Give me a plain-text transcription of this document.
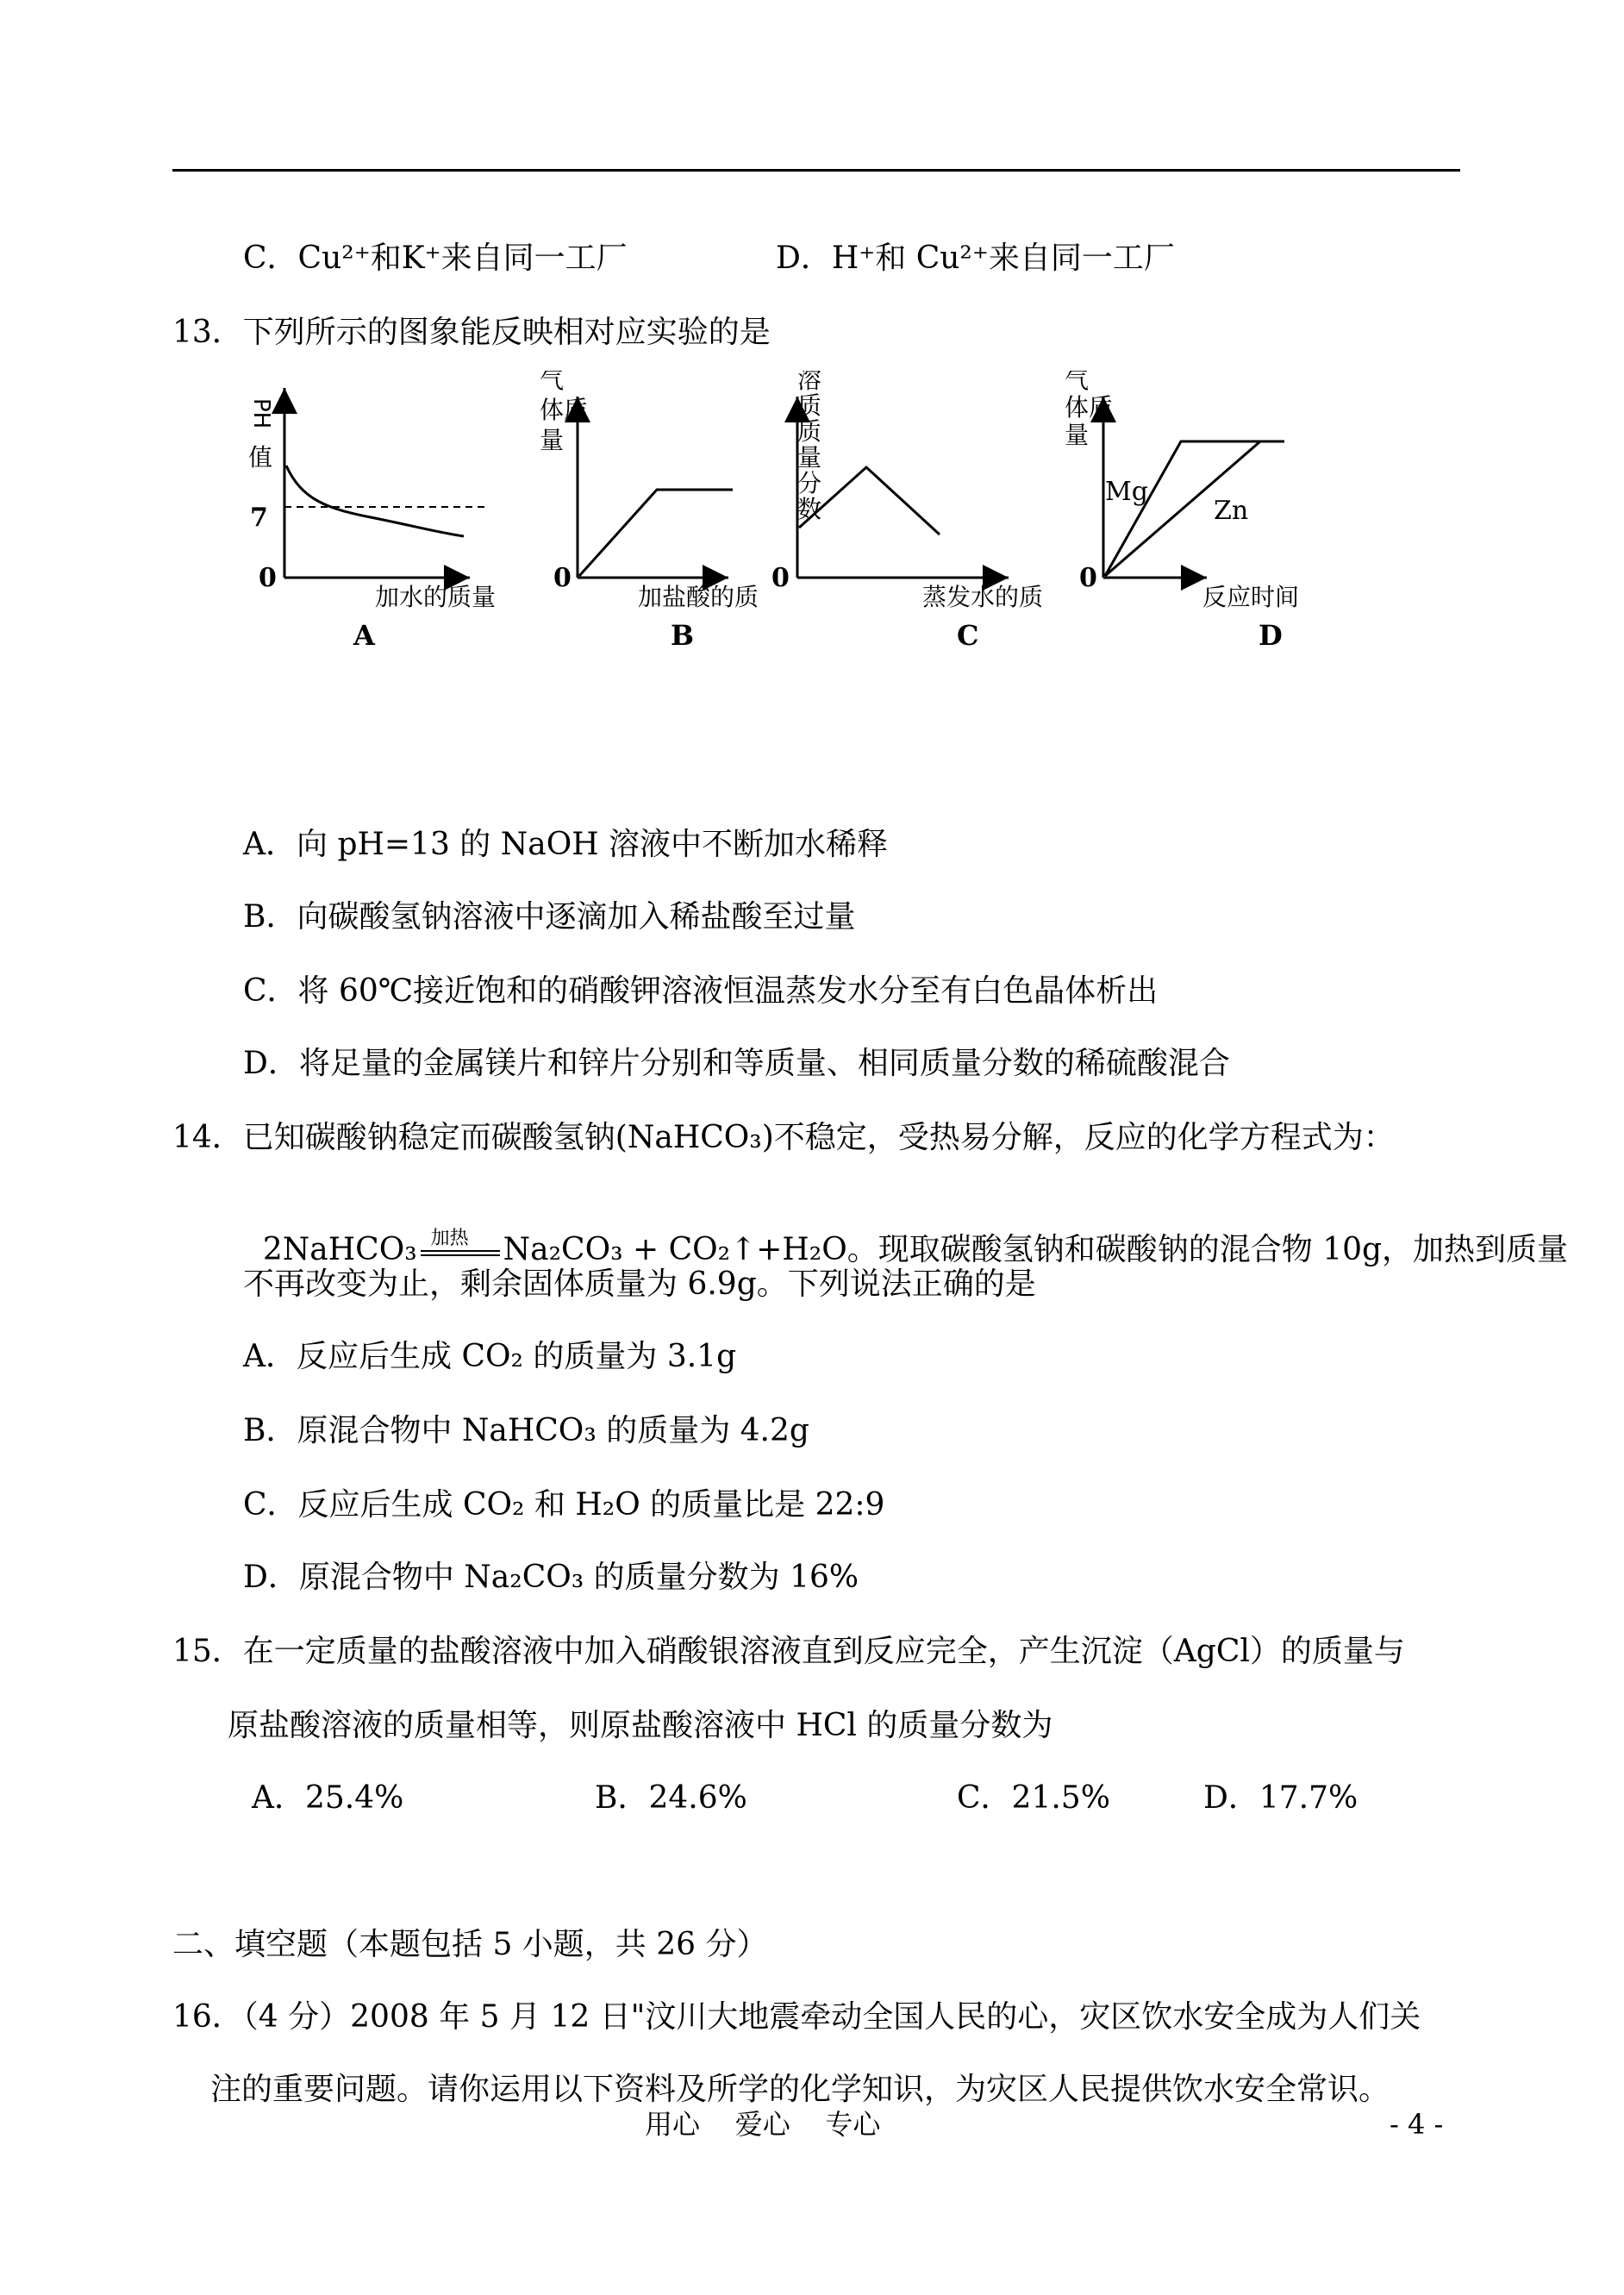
C．Cu²⁺和K⁺来自同一工厂	D．H⁺和 Cu²⁺来自同一工厂
13．下列所示的图象能反映相对应实验的是
PH
值
7
0
加水的质量
A
气
体质
量
0
加盐酸的质
B
溶
质
质
量
分
数
0
蒸发水的质
C
气
体质
量
0
Mg
Zn
反应时间
D
A．向 pH=13 的 NaOH 溶液中不断加水稀释
B．向碳酸氢钠溶液中逐滴加入稀盐酸至过量
C．将 60℃接近饱和的硝酸钾溶液恒温蒸发水分至有白色晶体析出
D．将足量的金属镁片和锌片分别和等质量、相同质量分数的稀硫酸混合
14．已知碳酸钠稳定而碳酸氢钠(NaHCO₃)不稳定，受热易分解，反应的化学方程式为：

2NaHCO₃ 加热 Na₂CO₃ + CO₂↑+H₂O。现取碳酸氢钠和碳酸钠的混合物 10g，加热到质量

不再改变为止，剩余固体质量为 6.9g。下列说法正确的是
A．反应后生成 CO₂ 的质量为 3.1g
B．原混合物中 NaHCO₃ 的质量为 4.2g
C．反应后生成 CO₂ 和 H₂O 的质量比是 22:9
D．原混合物中 Na₂CO₃ 的质量分数为 16%
15．在一定质量的盐酸溶液中加入硝酸银溶液直到反应完全，产生沉淀（AgCl）的质量与
原盐酸溶液的质量相等，则原盐酸溶液中 HCl 的质量分数为
A．25.4%	B．24.6%	C．21.5%	D．17.7%
二、填空题（本题包括 5 小题，共 26 分）
16．（4 分）2008 年 5 月 12 日"汶川大地震牵动全国人民的心，灾区饮水安全成为人们关
注的重要问题。请你运用以下资料及所学的化学知识，为灾区人民提供饮水安全常识。
用心    爱心    专心	- 4 -
